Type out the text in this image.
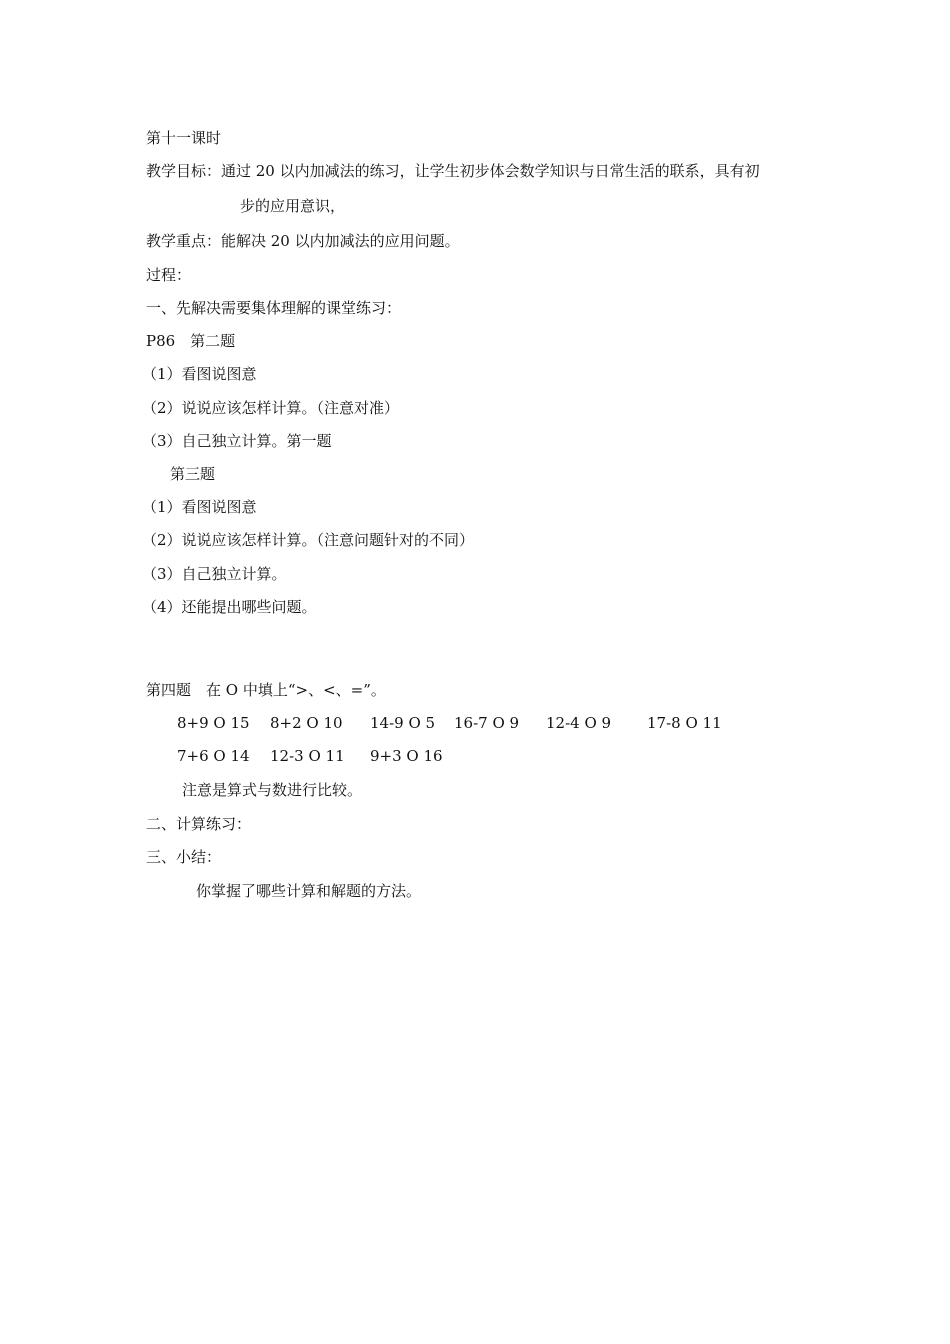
第十一课时
教学目标：通过 20 以内加减法的练习，让学生初步体会数学知识与日常生活的联系，具有初
步的应用意识，
教学重点：能解决 20 以内加减法的应用问题。
过程：
一、先解决需要集体理解的课堂练习：
P86　第二题
（1）看图说图意
（2）说说应该怎样计算。（注意对准）
（3）自己独立计算。第一题
第三题
（1）看图说图意
（2）说说应该怎样计算。（注意问题针对的不同）
（3）自己独立计算。
（4）还能提出哪些问题。
第四题　在 O 中填上“>、<、=”。
8+9 O 15 8+2 O 10 14-9 O 5 16-7 O 9 12-4 O 9 17-8 O 11
7+6 O 14 12-3 O 11 9+3 O 16
注意是算式与数进行比较。
二、计算练习：
三、小结：
你掌握了哪些计算和解题的方法。
